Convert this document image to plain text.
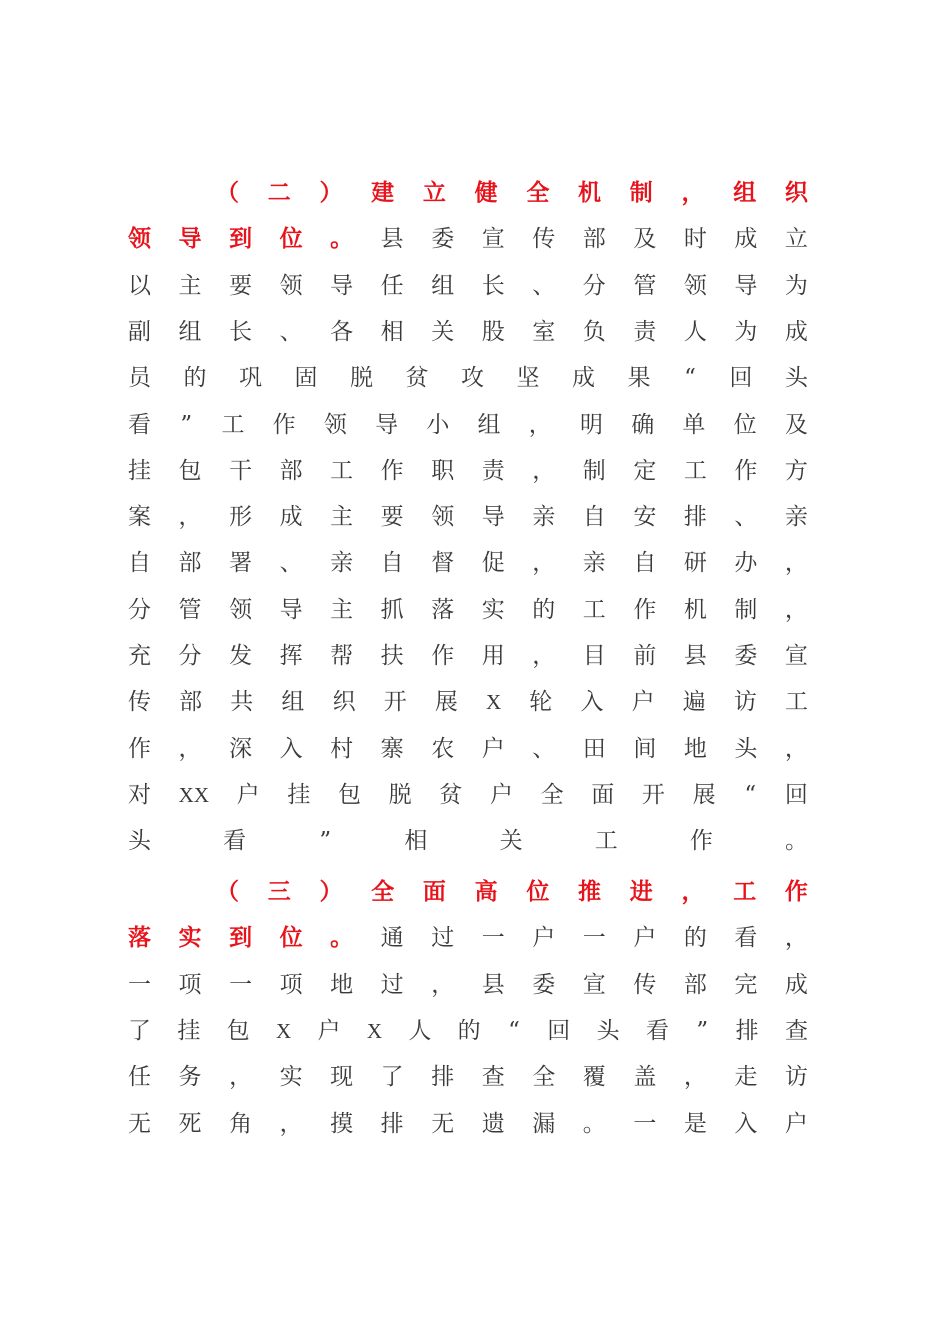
（ 二 ） 建 立 健 全 机 制 ， 组 织
领 导 到 位 。 县 委 宣 传 部 及 时 成 立
以 主 要 领 导 任 组 长 、 分 管 领 导 为
副 组 长 、 各 相 关 股 室 负 责 人 为 成
员 的 巩 固 脱 贫 攻 坚 成 果 “ 回 头
看 ” 工 作 领 导 小 组 ， 明 确 单 位 及
挂 包 干 部 工 作 职 责 ， 制 定 工 作 方
案 ， 形 成 主 要 领 导 亲 自 安 排 、 亲
自 部 署 、 亲 自 督 促 ， 亲 自 研 办 ，
分 管 领 导 主 抓 落 实 的 工 作 机 制 ，
充 分 发 挥 帮 扶 作 用 ， 目 前 县 委 宣
传 部 共 组 织 开 展 X 轮 入 户 遍 访 工
作 ， 深 入 村 寨 农 户 、 田 间 地 头 ，
对 XX 户 挂 包 脱 贫 户 全 面 开 展 “ 回
头	看	”	相	关	工	作	。
（ 三 ） 全 面 高 位 推 进 ， 工 作
落 实 到 位 。 通 过 一 户 一 户 的 看 ，
一 项 一 项 地 过 ， 县 委 宣 传 部 完 成
了 挂 包 X 户 X 人 的 “ 回 头 看 ” 排 查
任 务 ， 实 现 了 排 查 全 覆 盖 ， 走 访
无 死 角 ， 摸 排 无 遗 漏 。 一 是 入 户
